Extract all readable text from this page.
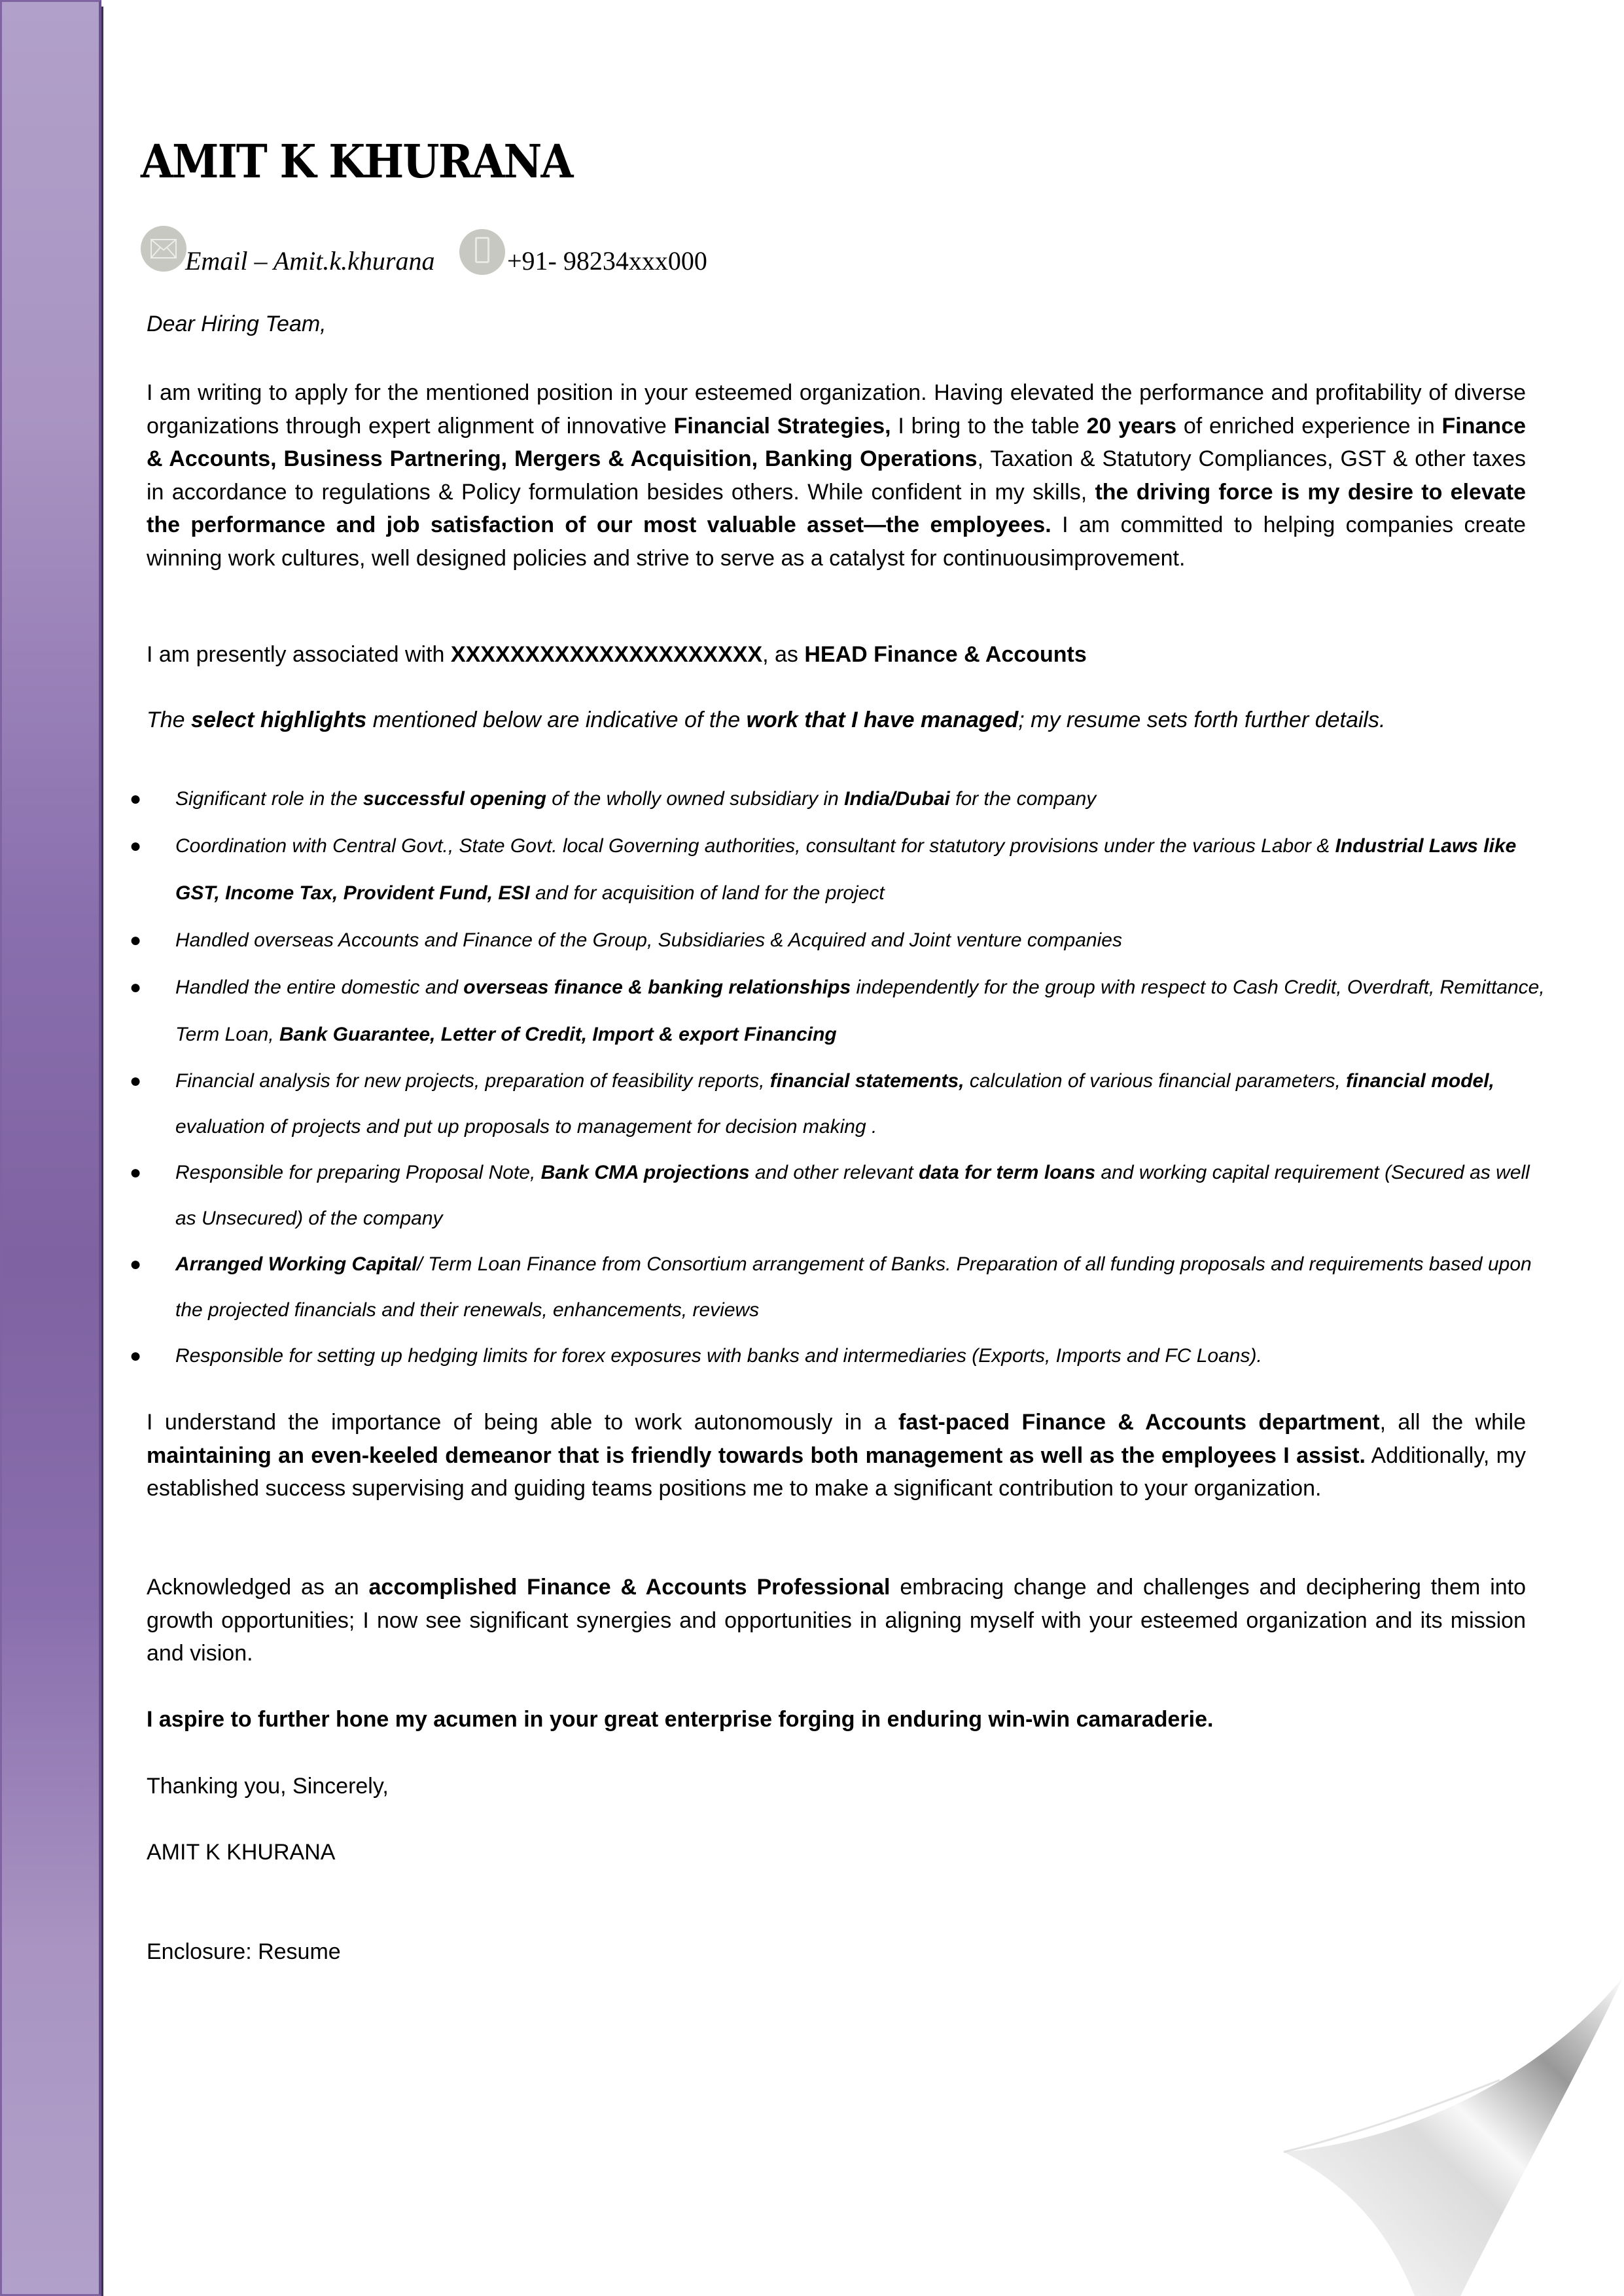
AMIT K KHURANA
Email – Amit.k.khurana	+91- 98234xxx000
Dear Hiring Team,
I am writing to apply for the mentioned position in your esteemed organization. Having elevated the performance and profitability of diverse organizations through expert alignment of innovative Financial Strategies, I bring to the table 20 years of enriched experience in Finance & Accounts, Business Partnering, Mergers & Acquisition, Banking Operations, Taxation & Statutory Compliances, GST & other taxes in accordance to regulations & Policy formulation besides others. While confident in my skills, the driving force is my desire to elevate the performance and job satisfaction of our most valuable asset—the employees. I am committed to helping companies create winning work cultures, well designed policies and strive to serve as a catalyst for continuousimprovement.
I am presently associated with XXXXXXXXXXXXXXXXXXXXX, as HEAD Finance & Accounts
The select highlights mentioned below are indicative of the work that I have managed; my resume sets forth further details.
● Significant role in the successful opening of the wholly owned subsidiary in India/Dubai for the company
● Coordination with Central Govt., State Govt. local Governing authorities, consultant for statutory provisions under the various Labor & Industrial Laws like GST, Income Tax, Provident Fund, ESI and for acquisition of land for the project
● Handled overseas Accounts and Finance of the Group, Subsidiaries & Acquired and Joint venture companies
● Handled the entire domestic and overseas finance & banking relationships independently for the group with respect to Cash Credit, Overdraft, Remittance, Term Loan, Bank Guarantee, Letter of Credit, Import & export Financing
● Financial analysis for new projects, preparation of feasibility reports, financial statements, calculation of various financial parameters, financial model, evaluation of projects and put up proposals to management for decision making .
● Responsible for preparing Proposal Note, Bank CMA projections and other relevant data for term loans and working capital requirement (Secured as well as Unsecured) of the company
● Arranged Working Capital/ Term Loan Finance from Consortium arrangement of Banks. Preparation of all funding proposals and requirements based upon the projected financials and their renewals, enhancements, reviews
● Responsible for setting up hedging limits for forex exposures with banks and intermediaries (Exports, Imports and FC Loans).
I understand the importance of being able to work autonomously in a fast-paced Finance & Accounts department, all the while maintaining an even-keeled demeanor that is friendly towards both management as well as the employees I assist. Additionally, my established success supervising and guiding teams positions me to make a significant contribution to your organization.
Acknowledged as an accomplished Finance & Accounts Professional embracing change and challenges and deciphering them into growth opportunities; I now see significant synergies and opportunities in aligning myself with your esteemed organization and its mission and vision.
I aspire to further hone my acumen in your great enterprise forging in enduring win-win camaraderie.
Thanking you, Sincerely,
AMIT K KHURANA
Enclosure: Resume
